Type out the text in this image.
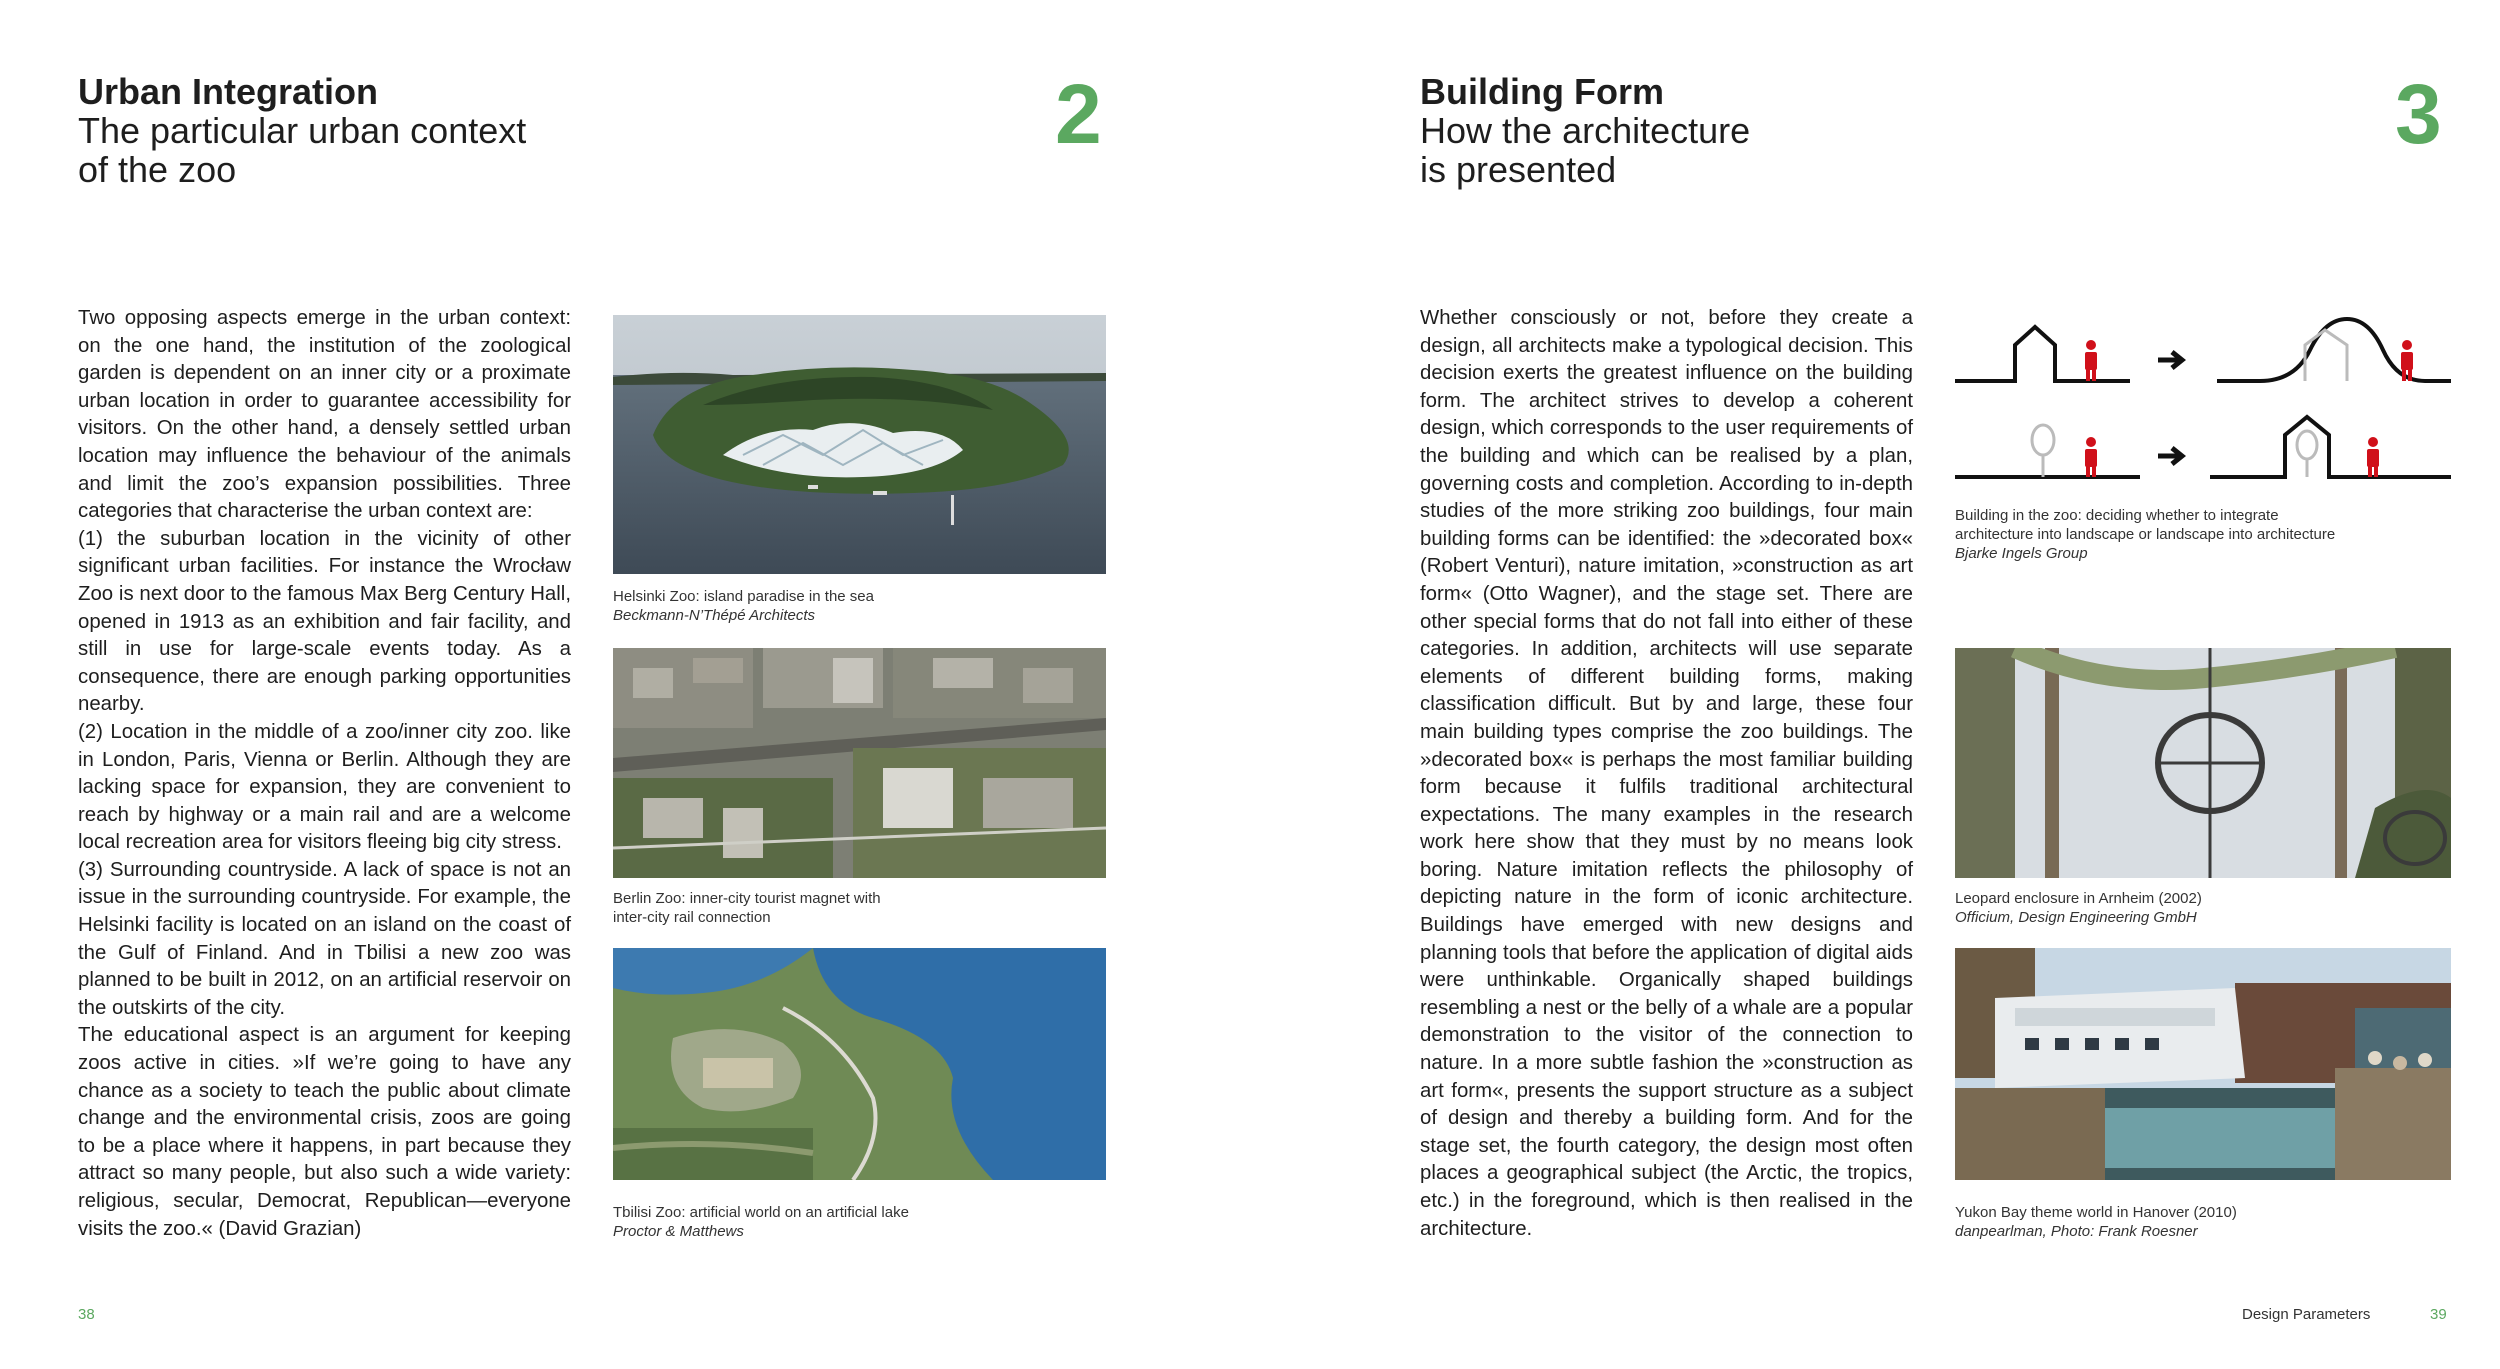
Urban Integration
The particular urban context
of the zoo
2

Two opposing aspects emerge in the urban context: on the one hand, the institution of the zoological garden is dependent on an inner city or a proximate urban location in order to guarantee accessibility for visitors. On the other hand, a densely settled urban location may influence the behaviour of the animals and limit the zoo’s expansion possibilities. Three categories that characterise the urban context are:

(1) the suburban location in the vicinity of other significant urban facilities. For instance the Wrocław Zoo is next door to the famous Max Berg Century Hall, opened in 1913 as an exhibition and fair facility, and still in use for large-scale events today. As a consequence, there are enough parking opportunities nearby.

(2) Location in the middle of a zoo/inner city zoo. like in London, Paris, Vienna or Berlin. Although they are lacking space for expansion, they are convenient to reach by highway or a main rail and are a welcome local recreation area for visitors fleeing big city stress.

(3) Surrounding countryside. A lack of space is not an issue in the surrounding countryside. For example, the Helsinki facility is located on an island on the coast of the Gulf of Finland. And in Tbilisi a new zoo was planned to be built in 2012, on an artificial reservoir on the outskirts of the city.

The educational aspect is an argument for keeping zoos active in cities. »If we’re going to have any chance as a society to teach the public about climate change and the environmental crisis, zoos are going to be a place where it happens, in part because they attract so many people, but also such a wide variety: religious, secular, Democrat, Republican—everyone visits the zoo.« (David Grazian)

Helsinki Zoo: island paradise in the sea
Beckmann-N’Thépé Architects
Berlin Zoo: inner-city tourist magnet with
inter-city rail connection
Tbilisi Zoo: artificial world on an artificial lake
Proctor & Matthews
38
Building Form
How the architecture
is presented
3

Whether consciously or not, before they create a design, all architects make a typological decision. This decision exerts the greatest influence on the building form. The architect strives to develop a coherent design, which corresponds to the user requirements of the building and which can be realised by a plan, governing costs and completion. According to in-depth studies of the more striking zoo buildings, four main building forms can be identified: the »decorated box« (Robert Venturi), nature imitation, »construction as art form« (Otto Wagner), and the stage set. There are other special forms that do not fall into either of these categories. In addition, architects will use separate elements of different building forms, making classification difficult. But by and large, these four main building types comprise the zoo buildings. The »decorated box« is perhaps the most familiar building form because it fulfils traditional architectural expectations. The many examples in the research work here show that they must by no means look boring. Nature imitation reflects the philosophy of depicting nature in the form of iconic architecture. Buildings have emerged with new designs and planning tools that before the application of digital aids were unthinkable. Organically shaped buildings resembling a nest or the belly of a whale are a popular demonstration to the visitor of the connection to nature. In a more subtle fashion the »construction as art form«, presents the support structure as a subject of design and thereby a building form. And for the stage set, the fourth category, the design most often places a geographical subject (the Arctic, the tropics, etc.) in the foreground, which is then realised in the architecture.

Building in the zoo: deciding whether to integrate
architecture into landscape or landscape into architecture
Bjarke Ingels Group
Leopard enclosure in Arnheim (2002)
Officium, Design Engineering GmbH
Yukon Bay theme world in Hanover (2010)
danpearlman, Photo: Frank Roesner
Design Parameters	39
